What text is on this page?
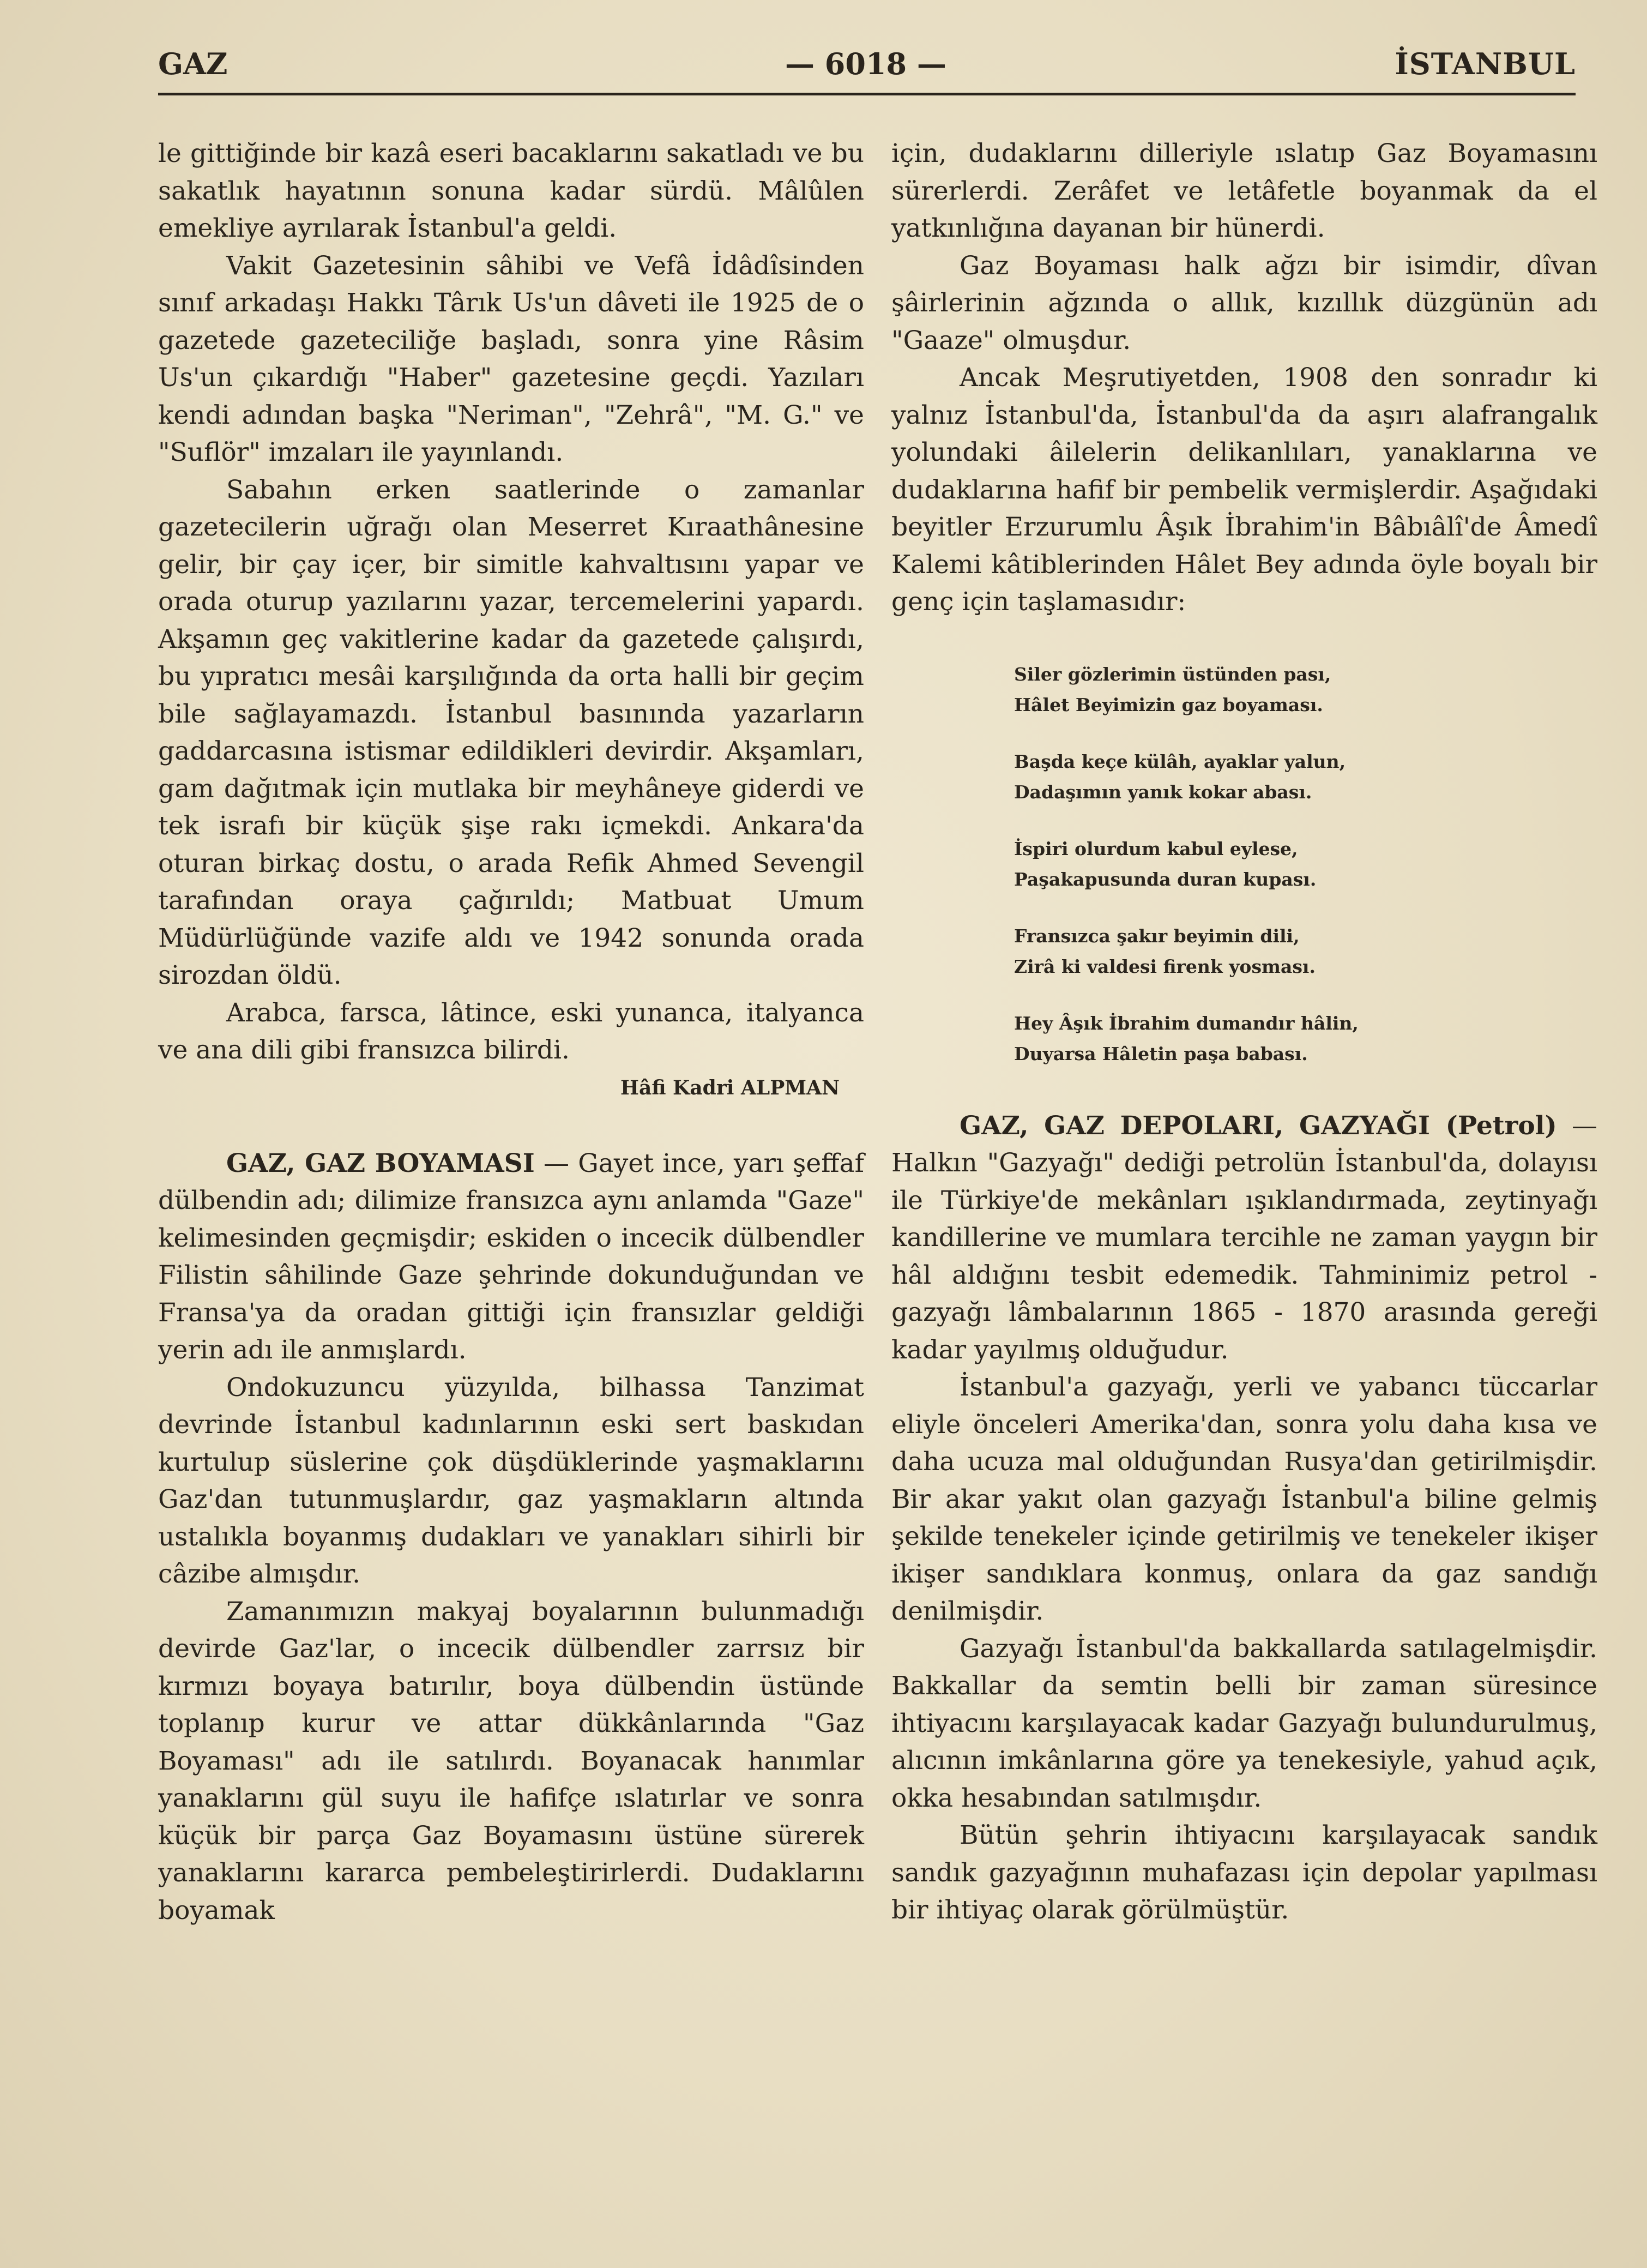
GAZ	— 6018 —	İSTANBUL

le gittiğinde bir kazâ eseri bacaklarını sakatladı ve bu sakatlık hayatının sonuna kadar sürdü. Mâlûlen emekliye ayrılarak İstanbul'a geldi.

Vakit Gazetesinin sâhibi ve Vefâ İdâdîsinden sınıf arkadaşı Hakkı Târık Us'un dâveti ile 1925 de o gazetede gazeteciliğe başladı, sonra yine Râsim Us'un çıkardığı "Haber" gazetesine geçdi. Yazıları kendi adından başka "Neriman", "Zehrâ", "M. G." ve "Suflör" imzaları ile yayınlandı.

Sabahın erken saatlerinde o zamanlar gazetecilerin uğrağı olan Meserret Kıraathânesine gelir, bir çay içer, bir simitle kahvaltısını yapar ve orada oturup yazılarını yazar, tercemelerini yapardı. Akşamın geç vakitlerine kadar da gazetede çalışırdı, bu yıpratıcı mesâi karşılığında da orta halli bir geçim bile sağlayamazdı. İstanbul basınında yazarların gaddarcasına istismar edildikleri devirdir. Akşamları, gam dağıtmak için mutlaka bir meyhâneye giderdi ve tek israfı bir küçük şişe rakı içmekdi. Ankara'da oturan birkaç dostu, o arada Refik Ahmed Sevengil tarafından oraya çağırıldı; Matbuat Umum Müdürlüğünde vazife aldı ve 1942 sonunda orada sirozdan öldü.

Arabca, farsca, lâtince, eski yunanca, italyanca ve ana dili gibi fransızca bilirdi.

Hâfi Kadri ALPMAN

GAZ, GAZ BOYAMASI — Gayet ince, yarı şeffaf dülbendin adı; dilimize fransızca aynı anlamda "Gaze" kelimesinden geçmişdir; eskiden o incecik dülbendler Filistin sâhilinde Gaze şehrinde dokunduğundan ve Fransa'ya da oradan gittiği için fransızlar geldiği yerin adı ile anmışlardı.

Ondokuzuncu yüzyılda, bilhassa Tanzimat devrinde İstanbul kadınlarının eski sert baskıdan kurtulup süslerine çok düşdüklerinde yaşmaklarını Gaz'dan tutunmuşlardır, gaz yaşmakların altında ustalıkla boyanmış dudakları ve yanakları sihirli bir câzibe almışdır.

Zamanımızın makyaj boyalarının bulunmadığı devirde Gaz'lar, o incecik dülbendler zarrsız bir kırmızı boyaya batırılır, boya dülbendin üstünde toplanıp kurur ve attar dükkânlarında "Gaz Boyaması" adı ile satılırdı. Boyanacak hanımlar yanaklarını gül suyu ile hafifçe ıslatırlar ve sonra küçük bir parça Gaz Boyamasını üstüne sürerek yanaklarını kararca pembeleştirirlerdi. Dudaklarını boyamak

için, dudaklarını dilleriyle ıslatıp Gaz Boyamasını sürerlerdi. Zerâfet ve letâfetle boyanmak da el yatkınlığına dayanan bir hünerdi.

Gaz Boyaması halk ağzı bir isimdir, dîvan şâirlerinin ağzında o allık, kızıllık düzgünün adı "Gaaze" olmuşdur.

Ancak Meşrutiyetden, 1908 den sonradır ki yalnız İstanbul'da, İstanbul'da da aşırı alafrangalık yolundaki âilelerin delikanlıları, yanaklarına ve dudaklarına hafif bir pembelik vermişlerdir. Aşağıdaki beyitler Erzurumlu Âşık İbrahim'in Bâbıâlî'de Âmedî Kalemi kâtiblerinden Hâlet Bey adında öyle boyalı bir genç için taşlamasıdır:

Siler gözlerimin üstünden pası,
Hâlet Beyimizin gaz boyaması.
Başda keçe külâh, ayaklar yalun,
Dadaşımın yanık kokar abası.
İspiri olurdum kabul eylese,
Paşakapusunda duran kupası.
Fransızca şakır beyimin dili,
Zirâ ki valdesi firenk yosması.
Hey Âşık İbrahim dumandır hâlin,
Duyarsa Hâletin paşa babası.

GAZ, GAZ DEPOLARI, GAZYAĞI (Petrol) — Halkın "Gazyağı" dediği petrolün İstanbul'da, dolayısı ile Türkiye'de mekânları ışıklandırmada, zeytinyağı kandillerine ve mumlara tercihle ne zaman yaygın bir hâl aldığını tesbit edemedik. Tahminimiz petrol - gazyağı lâmbalarının 1865 - 1870 arasında gereği kadar yayılmış olduğudur.

İstanbul'a gazyağı, yerli ve yabancı tüccarlar eliyle önceleri Amerika'dan, sonra yolu daha kısa ve daha ucuza mal olduğundan Rusya'dan getirilmişdir. Bir akar yakıt olan gazyağı İstanbul'a biline gelmiş şekilde tenekeler içinde getirilmiş ve tenekeler ikişer ikişer sandıklara konmuş, onlara da gaz sandığı denilmişdir.

Gazyağı İstanbul'da bakkallarda satılagelmişdir. Bakkallar da semtin belli bir zaman süresince ihtiyacını karşılayacak kadar Gazyağı bulundurulmuş, alıcının imkânlarına göre ya tenekesiyle, yahud açık, okka hesabından satılmışdır.

Bütün şehrin ihtiyacını karşılayacak sandık sandık gazyağının muhafazası için depolar yapılması bir ihtiyaç olarak görülmüştür.
